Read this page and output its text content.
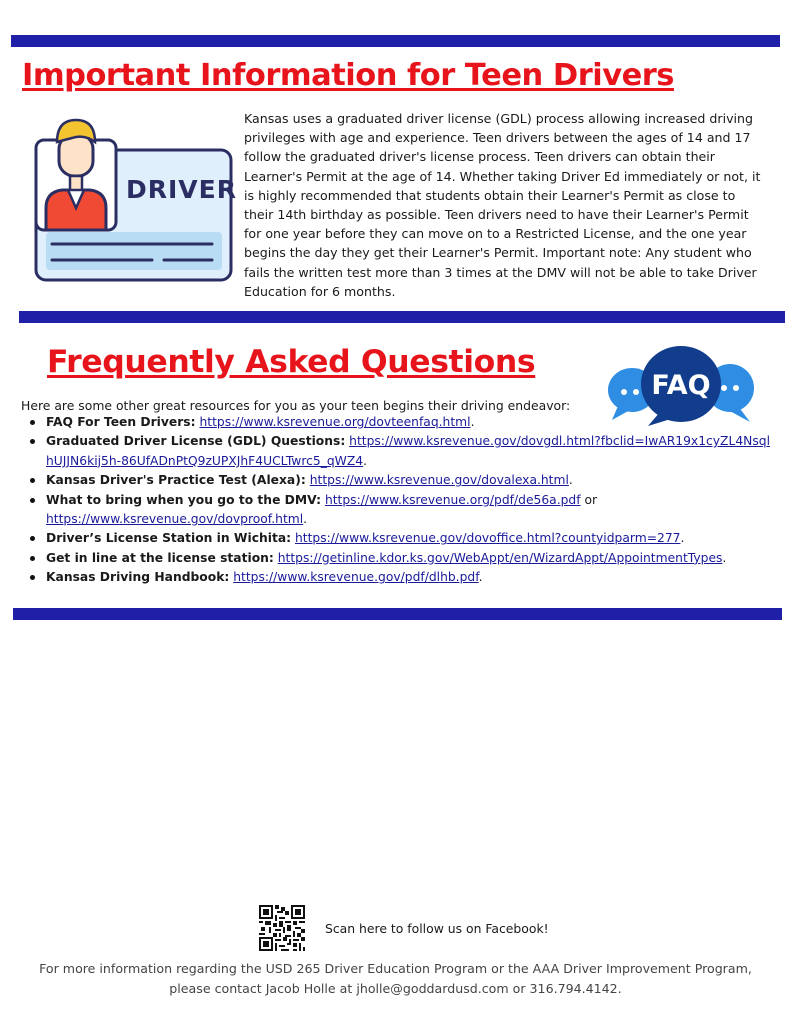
Important Information for Teen Drivers
DRIVER

Kansas uses a graduated driver license (GDL) process allowing increased driving privileges with age and experience. Teen drivers between the ages of 14 and 17 follow the graduated driver's license process. Teen drivers can obtain their Learner's Permit at the age of 14. Whether taking Driver Ed immediately or not, it is highly recommended that students obtain their Learner's Permit as close to their 14th birthday as possible. Teen drivers need to have their Learner's Permit for one year before they can move on to a Restricted License, and the one year begins the day they get their Learner's Permit. Important note: Any student who fails the written test more than 3 times at the DMV will not be able to take Driver Education for 6 months.

Frequently Asked Questions
FAQ

Here are some other great resources for you as your teen begins their driving endeavor:

FAQ For Teen Drivers: https://www.ksrevenue.org/dovteenfaq.html.
Graduated Driver License (GDL) Questions: https://www.ksrevenue.gov/dovgdl.html?fbclid=IwAR19x1cyZL4NsqlhUJJN6kij5h-86UfADnPtQ9zUPXJhF4UCLTwrc5_qWZ4.
Kansas Driver's Practice Test (Alexa): https://www.ksrevenue.gov/dovalexa.html.
What to bring when you go to the DMV: https://www.ksrevenue.org/pdf/de56a.pdf or
https://www.ksrevenue.gov/dovproof.html.
Driver’s License Station in Wichita: https://www.ksrevenue.gov/dovoffice.html?countyidparm=277.
Get in line at the license station: https://getinline.kdor.ks.gov/WebAppt/en/WizardAppt/AppointmentTypes.
Kansas Driving Handbook: https://www.ksrevenue.gov/pdf/dlhb.pdf.
Scan here to follow us on Facebook!
For more information regarding the USD 265 Driver Education Program or the AAA Driver Improvement Program,
please contact Jacob Holle at jholle@goddardusd.com or 316.794.4142.
